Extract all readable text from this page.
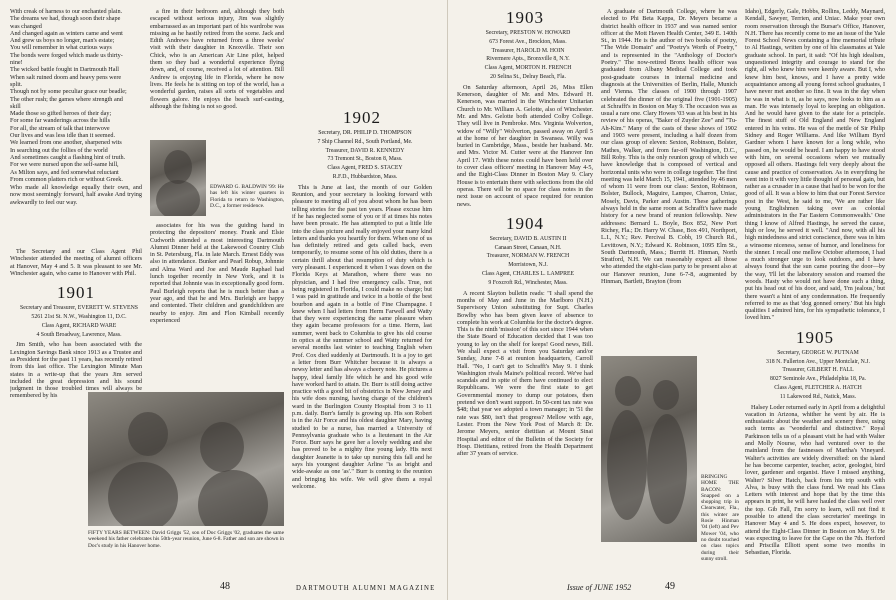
With creak of harness to our enchanted plain.

The dreams we had, though soon their shape

was changed

And changed again as winters came and went

And grew us boys no longer, man's estate;

You will remember in what curious ways

The bonds were forged which made us thirty-

nine!

The wicked battle fought in Dartmouth Hall

When salt ruined doom and heavy pens were

split.

Though not by some peculiar grace our beadle;

The other rush; the games where strength and

skill

Made those so gifted heroes of their day;

For some far wanderings across the hills

For all, the stream of talk that interwove

Our lives and was less idle than it seemed.

We learned from one another, sharpened wits

In searching out the follies of the world

And sometimes caught a flashing hint of truth.

For we were nursed upon the self-same hill,

As Milton says, and fed somewhat reluctant

From common platters rich or without Greek.

Who made all knowledge equally their own, and now most seemingly forward, half awake And trying awkwardly to feel our way.

The Secretary and our Class Agent Phil Winchester attended the meeting of alumni officers at Hanover, May 4 and 5. It was pleasant to see Mr. Winchester again, who came to Hanover with Phil.

1901

Secretary and Treasurer, EVERETT W. STEVENS

5261 21st St. N.W., Washington 11, D.C.

Class Agent, RICHARD WARE

4 South Broadway, Lawrence, Mass.

Jim Smith, who has been associated with the Lexington Savings Bank since 1913 as a Trustee and as President for the past 11 years, has recently retired from this last office. The Lexington Minute Man states in a write-up that the years Jim served included the great depression and his sound judgment in those troubled times will always be remembered by his

a fire in their bedroom and, although they both escaped without serious injury, Jim was slightly embarrassed as an important part of his wardrobe was missing as he hastily retired from the scene. Jack and Edith Andrews have returned from a three weeks' visit with their daughter in Knoxville. Their son Chick, who is an American Air Line pilot, helped them so they had a wonderful experience flying down, and, of course, received a lot of attention. Bill Andrew is enjoying life in Florida, where he now lives. He feels he is sitting on top of the world, has a wonderful garden, raises all sorts of vegetables and flowers galore. He enjoys the beach surf-casting, although the fishing is not so good.

EDWARD G. BALDWIN '99: He has left his winter quarters in Florida to return to Washington, D.C., a former residence.

associates for his was the guiding hand in protecting the depositors' money. Frank and Elsie Cudworth attended a most interesting Dartmouth Alumni Dinner held at the Lakewood Country Club in St. Petersburg, Fla. in late March. Ernest Eddy was also in attendance. Bunker and Pearl Robup, Johnnie and Alma Ward and Joe and Maude Raphael had lunch together recently in New York, and it is reported that Johnnie was in exceptionally good form. Paul Burleigh reports that he is much better than a year ago, and that he and Mrs. Burleigh are happy and contented. Their children and grandchildren are nearby to enjoy. Jim and Flon Kimball recently experienced

FIFTY YEARS BETWEEN: David Griggs '52, son of Doc Griggs '02, graduates the same weekend his father celebrates his 50th-year reunion, June 6-8. Father and son are shown in Doc's study in his Hanover home.
1902

Secretary, DR. PHILIP D. THOMPSON

7 Ship Channel Rd., South Portland, Me.

Treasurer, DAVID R. KENNEDY

73 Tremont St., Boston 8, Mass.

Class Agent, FRED S. STACEY

R.F.D., Hubbardston, Mass.

This is June at last, the month of our Golden Reunion, and your secretary is looking forward with pleasure to meeting all of you about whom he has been telling stories for the past ten years. Please excuse him if he has neglected some of you or if at times his notes have been prosaic. He has attempted to put a little life into the class picture and really enjoyed your many kind letters and thanks you heartily for them. When one of us has definitely retired and gets called back, even temporarily, to resume some of his old duties, there is a certain thrill about that resumption of duty which is very pleasant. I experienced it when I was down on the Florida Keys at Marathon, where there was no physician, and I had five emergency calls. True, not being registered in Florida, I could make no charge; but I was paid in gratitude and twice in a bottle of the best bourbon and again in a bottle of Fine Champagne. I knew when I had letters from Herm Farwell and Watty that they were experiencing the same pleasure when they again became professors for a time. Herm, last summer, went back to Columbia to give his old course in optics at the summer school and Watty returned for several months last winter to teaching English when Prof. Cox died suddenly at Dartmouth. It is a joy to get a letter from Burr Whitcher because it is always a newsy letter and has always a cheery note. He pictures a happy, ideal family life which he and his good wife have worked hard to attain. Dr. Burr is still doing active practice with a good bit of obstetrics in New Jersey and his wife does nursing, having charge of the children's ward in the Burlington County Hospital from 3 to 11 p.m. daily. Burr's family is growing up. His son Robert is in the Air Force and his oldest daughter Mary, having studied to be a nurse, has married a University of Pennsylvania graduate who is a lieutenant in the Air Force. Burr says he gave her a lovely wedding and she has proved to be a mighty fine young lady. His next daughter Jeanette is to take up nursing this fall and he says his youngest daughter Arline "is as bright and wide-awake as one 'as'." Burr is coming to the reunion and bringing his wife. We will give them a royal welcome.

48	DARTMOUTH ALUMNI MAGAZINE
1903

Secretary, PRESTON W. HOWARD

673 Forest Ave., Brockton, Mass.

Treasurer, HAROLD M. HOIN

Rivermere Apts., Bronxville 8, N.Y.

Class Agent, MORTON H. FRENCH

20 Selina St., Delray Beach, Fla.

On Saturday afternoon, April 26, Miss Ellen Kenerson, daughter of Mr. and Mrs. Edward H. Kenerson, was married in the Winchester Unitarian Church to Mr. William A. Gelotte, also of Winchester. Mr. and Mrs. Gelotte both attended Colby College. They will live in Pembroke. Mrs. Virginia Wolverton, widow of "Willy" Wolverton, passed away on April 5 at the home of her daughter in Swansea. Willy was buried in Cambridge, Mass., beside her husband. Mr. and Mrs. Victor M. Cutter were at the Hanover Inn April 17. With these notes could have been held over to cover class officers' meeting in Hanover May 4-5, and the Eight-Class Dinner in Boston May 9. Clary House is to entertain there with selections from the old operas. There will be no space for class notes in the next issue on account of space required for reunion news.

1904

Secretary, DAVID B. AUSTIN II

Canaan Street, Canaan, N.H.

Treasurer, NORMAN W. FRENCH

Morristown, N.J.

Class Agent, CHARLES L. LAMPREE

9 Foxcroft Rd., Winchester, Mass.

A recent Slayton bulletin reads: "I shall spend the months of May and June in the Marlboro (N.H.) Supervisory Union substituting for Supt. Charles Bowlby who has been given leave of absence to complete his work at Columbia for the doctor's degree. This is the ninth 'mission' of this sort since 1944 when the State Board of Education decided that I was too young to lay on the shelf for keeps! Good news, Bill. We shall expect a visit from you Saturday and/or Sunday, June 7-8 at reunion headquarters, Carroll Hall. "No, I can't get to Schrafft's May 9. I think Washington rivals Maine's political record. We've had scandals and in spite of them have continued to elect Republicans. We were the first state to get Governmental money to dump our potatoes, then pretend we don't want support. In 50-cent tax rate was $48; that year we adopted a town manager; in '51 the rate was $80, isn't that progress? Mellow with age, Lester. From the New York Post of March 8: Dr. Jerome Meyers, senior dietitian at Mount Sinai Hospital and editor of the Bulletin of the Society for Hosp. Dietitians, retired from the Health Department after 37 years of service.

A graduate of Dartmouth College, where he was elected to Phi Beta Kappa, Dr. Meyers became a district health officer in 1937 and was named senior officer at the Mott Haven Health Center, 349 E. 140th St., in 1944. He is the author of two books of poetry, "The Wide Domain" and "Poetry's Worth of Poetry," and is represented in the "Anthology of Doctor's Poetry." The now-retired Bronx health officer was graduated from Albany Medical College and took post-graduate courses in internal medicine and diagnosis at the Universities of Berlin, Halle, Munich and Vienna. The classes of 1900 through 1907 celebrated the dinner of the original five (1901-1905) at Schrafft's in Boston on May 9. The occasion was as usual a rare one. Clary Howes '03 was at his best in his review of his operas, "Baker of Zuyder Zee" and "Tu-Ah-Kim." Many of the casts of these shows of 1902 and 1903 were present, including a half dozen from our class group of eleven: Sexton, Robinson, Bolster, Mathes, Walker, and from far-off Washington, D.C., Bill Roby. This is the only reunion group of which we have knowledge that is composed of vertical and horizontal units who were in college together. The first meeting was held March 15, 1941, attended by 46 men of whom 11 were from our class: Sexton, Robinson, Bolster, Bullock, Maguire, Lampee, Charron, Uniac, Mosely, Davis, Parker and Austin. These gatherings always held in the same room at Schrafft's have made history for a new brand of reunion fellowship. New addresses: Bernard L. Boyle, Box 852, New Port Richey, Fla.; Dr. Harry W. Chase, Box 491, Northport, L.I., N.Y.; Rev. Percival B. Cobb, 19 Church Rd., Levittown, N.Y.; Edward K. Robinson, 1095 Elm St., South Dartmouth, Mass.; Burritt H. Hinman, North Stratford, N.H. We can reasonably expect all those who attended the eight-class party to be present also at our Hanover reunion, June 6-7-8, augmented by Hinman, Bartlett, Brayton (from

BRINGING HOME THE BACON: Snapped on a shopping trip in Clearwater, Fla., this winter are Rosie Hinman '04 (left) and Pev Mower '04, who no doubt touched on class topics during their sunny stroll.

Idaho), Edgerly, Gale, Hobbs, Rollins, Leddy, Maynard, Kendall, Sawyer, Terrien, and Uniac. Make your own room reservation through the Bursar's Office, Hanover, N.H. There has recently come to me an issue of the Yale Forest School News containing a fine memorial tribute to Al Hastings, written by one of his classmates at Yale graduate school. In part, it said: "Of his high idealism, unquestioned integrity and courage to stand for the right, all who knew him were keenly aware. But I, who knew him best, knows, and I have a pretty wide acquaintance among all young forest school graduates, I have never met another so fine. It was in the day when he was in what is it, as he says, now looks to him as a man. He was intensely loyal to keeping an obligation. And he would have given to the state for a principle. The finest stuff of Old England and New England entered in his veins. He was of the mettle of Sir Philip Sidney and Roger Williams. And like William Byrd Gardner whom I have known for a long while, who passed on, he would be heard. I am happy to have stood with him, on several occasions when we mutually opposed all others. Hastings felt very deeply about the cause and practice of conservation. As in everything he went into it with very little thought of personal gain, but rather as a crusader in a cause that had to be won for the good of all. It was a blow to him that our Forest Service post in the West, he said to me, 'We are rather like young Englishmen taking over as colonial administrators in the Far Eastern Commonwealth.' One thing I know of Alfred Hastings, he served the cause, high or low, he served it well. "And now, with all his high mindedness and strict conscience, there was in him a winsome niceness, sense of humor, and loneliness for the sinner. I recall one mellow October afternoon, I had a much stronger urge to look outdoors, and I have always found that the sun came pouring the door—by the way, 'I'll let the laboratory session and roamed the woods. Hasty who would not have done such a thing, put his head out of his door, and said, 'I'm jealous,' but there wasn't a hint of any condemnation. He frequently referred to me as that 'dog gonned ornery.' But his high qualities I admired him, for his sympathetic tolerance, I loved him."

1905

Secretary, GEORGE W. PUTNAM

318 N. Fullerton Ave., Upper Montclair, N.J.

Treasurer, GILBERT H. FALL

8027 Seminole Ave., Philadelphia 18, Pa.

Class Agent, FLETCHER A. HATCH

11 Lakewood Rd., Natick, Mass.

Halsey Loder returned early in April from a delightful vacation in Arizona, whither he went by air. He is enthusiastic about the weather and scenery there, using such terms as "wonderful and distinctive." Royal Parkinson tells us of a pleasant visit he had with Walter and Molly Nourse, who had ventured over to the mainland from the fastnesses of Martha's Vineyard. Walter's activities are widely diversified: on the island he has become carpenter, teacher, actor, geologist, bird lover, gardener and organist. Have I missed anything, Walter? Silver Hatch, back from his trip south with Alva, is busy with the class fund. We read his Class Letters with interest and hope that by the time this appears in print, he will have hauled the class well over the top. Gib Fall, I'm sorry to learn, will not find it possible to attend the class secretaries' meetings in Hanover May 4 and 5. He does expect, however, to attend the Eight-Class Dinner in Boston on May 9. He was expecting to leave for the Cape on the 7th. Herford and Priscilla Elliott spent some two months in Sebastian, Florida.

Issue of JUNE 1952	49
